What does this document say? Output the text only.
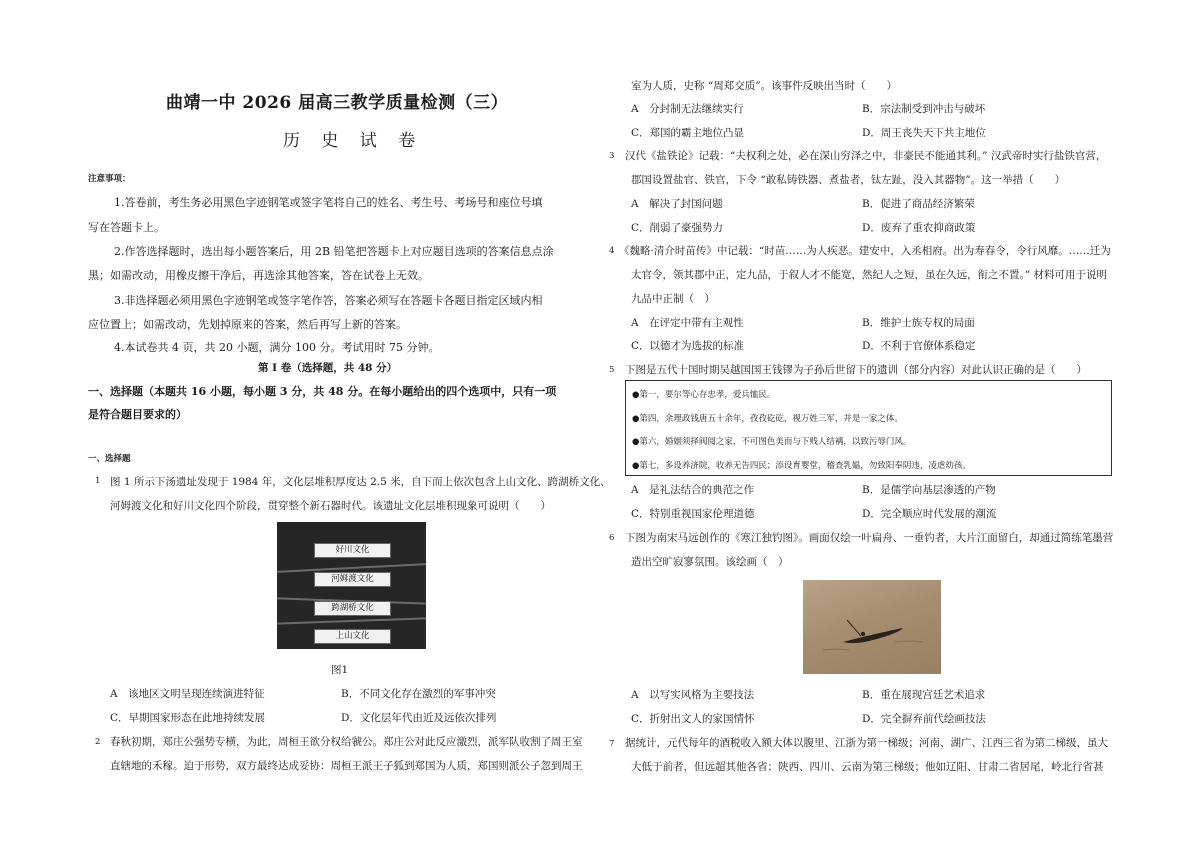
曲靖一中 2026 届高三教学质量检测（三）
历 史 试 卷
注意事项：
1.答卷前，考生务必用黑色字迹钢笔或签字笔将自己的姓名、考生号、考场号和座位号填
写在答题卡上。
2.作答选择题时，选出每小题答案后，用 2B 铅笔把答题卡上对应题目选项的答案信息点涂
黑；如需改动，用橡皮擦干净后，再选涂其他答案，答在试卷上无效。
3.非选择题必须用黑色字迹钢笔或签字笔作答，答案必须写在答题卡各题目指定区域内相
应位置上；如需改动，先划掉原来的答案，然后再写上新的答案。
4.本试卷共 4 页，共 20 小题，满分 100 分。考试用时 75 分钟。
第 Ⅰ 卷（选择题，共 48 分）
一、选择题（本题共 16 小题，每小题 3 分，共 48 分。在每小题给出的四个选项中，只有一项
是符合题目要求的）
一、选择题
1 图 1 所示下汤遗址发现于 1984 年，文化层堆积厚度达 2.5 米，自下而上依次包含上山文化、跨湖桥文化、
河姆渡文化和好川文化四个阶段，贯穿整个新石器时代。该遗址文化层堆积现象可说明（　　）
好川文化
河姆渡文化
跨湖桥文化
上山文化
图1
A　该地区文明呈现连续演进特征	B．不同文化存在激烈的军事冲突
C．早期国家形态在此地持续发展	D．文化层年代由近及远依次排列
2 春秋初期，郑庄公强势专横，为此，周桓王欲分权给虢公。郑庄公对此反应激烈，派军队收割了周王室
直辖地的禾稼。迫于形势，双方最终达成妥协：周桓王派王子狐到郑国为人质，郑国则派公子忽到周王
室为人质，史称 “周郑交质”。该事件反映出当时（　　）
A　分封制无法继续实行	B．宗法制受到冲击与破坏
C．郑国的霸主地位凸显	D．周王丧失天下共主地位
3 汉代《盐铁论》记载：“夫权利之处，必在深山穷泽之中，非豪民不能通其利。” 汉武帝时实行盐铁官营，
郡国设置盐官、铁官，下令 “敢私铸铁器、煮盐者，钛左趾，没入其器物”。这一举措（　　）
A　解决了封国问题	B．促进了商品经济繁荣
C．削弱了豪强势力	D．废弃了重农抑商政策
4 《魏略·清介时苗传》中记载：“时苗……为人疾恶。建安中，入丞相府。出为寿春令，令行风靡。……迁为
太官令，领其郡中正，定九品，于叙人才不能宽，然纪人之短，虽在久远，衔之不置。” 材料可用于说明
九品中正制（　）
A　在评定中带有主观性	B．维护士族专权的局面
C．以德才为选拔的标准	D．不利于官僚体系稳定
5 下图是五代十国时期吴越国国王钱镠为子孙后世留下的遗训（部分内容）对此认识正确的是（　　）
●第一，要尔等心存忠孝，爱兵恤民。
●第四，余理政钱唐五十余年，孜孜矻矻，视万姓三军，并是一家之体。
●第六，婚姻须择阀阅之家，不可图色美而与下贱人结褵，以致污辱门风。
●第七，多设养济院，收养无告四民；添设育婴堂，稽查乳媪，勿致阳奉阴违，凌虐幼孩。
A　是礼法结合的典范之作	B．是儒学向基层渗透的产物
C．特别重视国家伦理道德	D．完全顺应时代发展的潮流
6 下图为南宋马远创作的《寒江独钓图》。画面仅绘一叶扁舟、一垂钓者，大片江面留白，却通过简练笔墨营
造出空旷寂寥氛围。该绘画（　）
A　以写实风格为主要技法	B．重在展现宫廷艺术追求
C．折射出文人的家国情怀	D．完全摒弃前代绘画技法
7 据统计，元代每年的酒税收入额大体以腹里、江浙为第一梯级；河南、湖广、江西三省为第二梯级，虽大
大低于前者，但远超其他各省；陕西、四川、云南为第三梯级；他如辽阳、甘肃二省居尾，岭北行省甚
